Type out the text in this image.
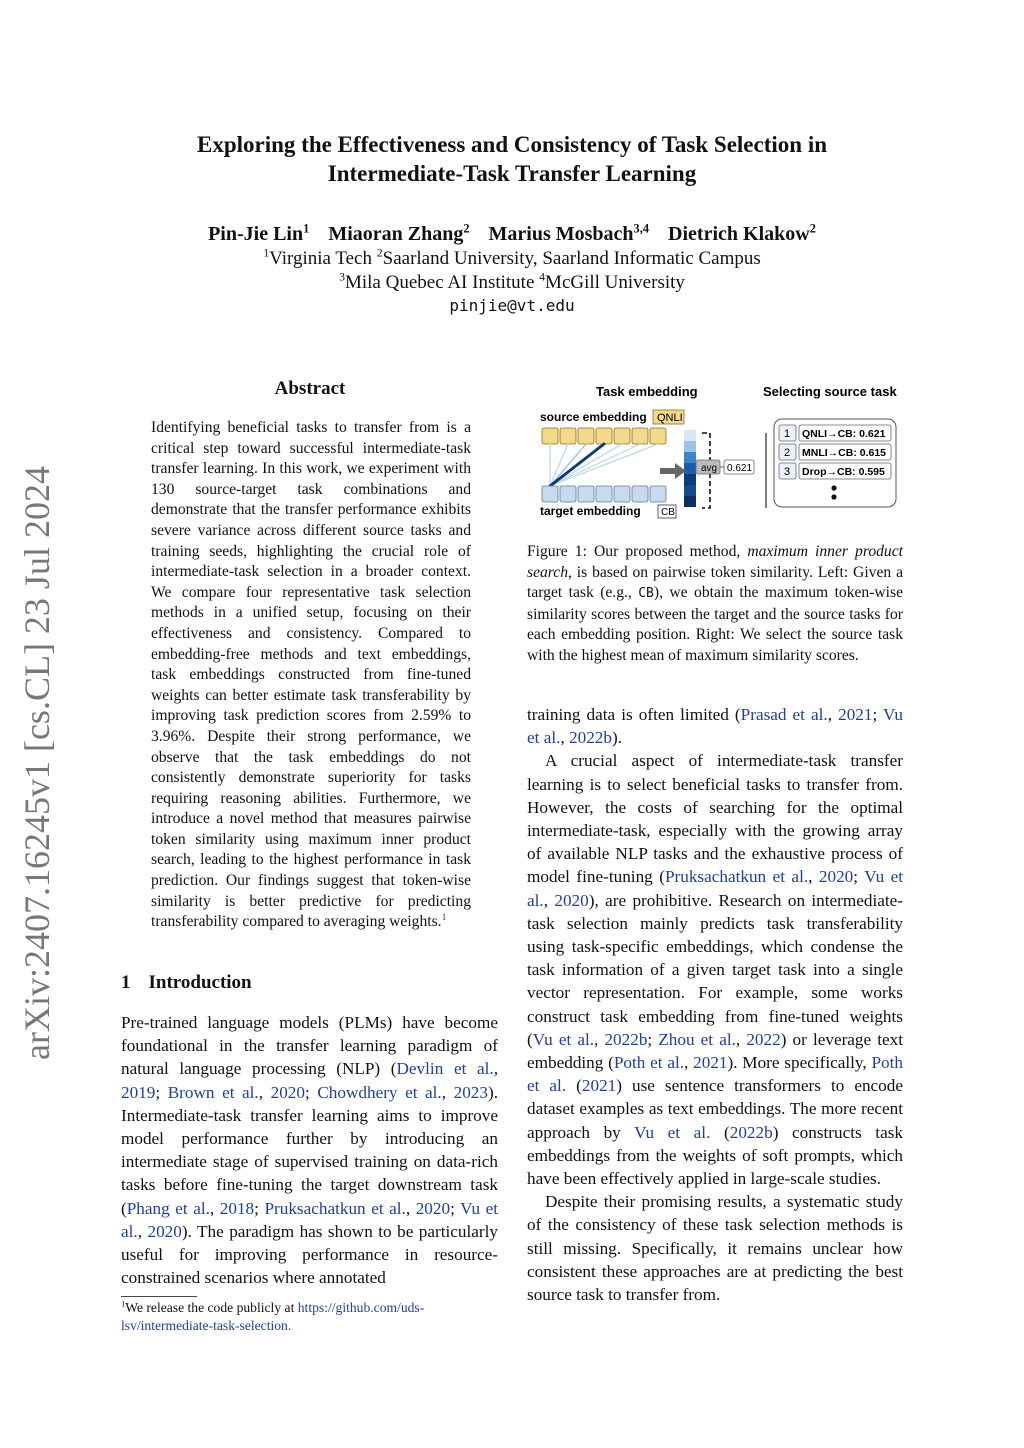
Exploring the Effectiveness and Consistency of Task Selection in
Intermediate-Task Transfer Learning
Pin-Jie Lin$^1$ Miaoran Zhang$^2$ Marius Mosbach$^{3,4}$ Dietrich Klakow$^2$
$^1$Virginia Tech $^2$Saarland University, Saarland Informatic Campus
$^3$Mila Quebec AI Institute $^4$McGill University
pinjie@vt.edu
arXiv:2407.16245v1 [cs.CL] 23 Jul 2024
Abstract
Identifying beneficial tasks to transfer from is a critical step toward successful intermediate-task transfer learning. In this work, we experiment with 130 source-target task combinations and demonstrate that the transfer performance exhibits severe variance across different source tasks and training seeds, highlighting the crucial role of intermediate-task selection in a broader context. We compare four representative task selection methods in a unified setup, focusing on their effectiveness and consistency. Compared to embedding-free methods and text embeddings, task embeddings constructed from fine-tuned weights can better estimate task transferability by improving task prediction scores from 2.59% to 3.96%. Despite their strong performance, we observe that the task embeddings do not consistently demonstrate superiority for tasks requiring reasoning abilities. Furthermore, we introduce a novel method that measures pairwise token similarity using maximum inner product search, leading to the highest performance in task prediction. Our findings suggest that token-wise similarity is better predictive for predicting transferability compared to averaging weights.$^1$
1 Introduction

Pre-trained language models (PLMs) have become foundational in the transfer learning paradigm of natural language processing (NLP) (Devlin et al., 2019; Brown et al., 2020; Chowdhery et al., 2023). Intermediate-task transfer learning aims to improve model performance further by introducing an intermediate stage of supervised training on data-rich tasks before fine-tuning the target downstream task (Phang et al., 2018; Pruksachatkun et al., 2020; Vu et al., 2020). The paradigm has shown to be particularly useful for improving performance in resource-constrained scenarios where annotated

$^1$We release the code publicly at https://github.com/uds-lsv/intermediate-task-selection.
Task embedding	Selecting source task
source embedding QNLI
target embedding CB
avg 0.621
1 QNLI→CB: 0.621
2 MNLI→CB: 0.615
3 Drop→CB: 0.595
Figure 1: Our proposed method, maximum inner product search, is based on pairwise token similarity. Left: Given a target task (e.g., CB), we obtain the maximum token-wise similarity scores between the target and the source tasks for each embedding position. Right: We select the source task with the highest mean of maximum similarity scores.

training data is often limited (Prasad et al., 2021; Vu et al., 2022b).

A crucial aspect of intermediate-task transfer learning is to select beneficial tasks to transfer from. However, the costs of searching for the optimal intermediate-task, especially with the growing array of available NLP tasks and the exhaustive process of model fine-tuning (Pruksachatkun et al., 2020; Vu et al., 2020), are prohibitive. Research on intermediate-task selection mainly predicts task transferability using task-specific embeddings, which condense the task information of a given target task into a single vector representation. For example, some works construct task embedding from fine-tuned weights (Vu et al., 2022b; Zhou et al., 2022) or leverage text embedding (Poth et al., 2021). More specifically, Poth et al. (2021) use sentence transformers to encode dataset examples as text embeddings. The more recent approach by Vu et al. (2022b) constructs task embeddings from the weights of soft prompts, which have been effectively applied in large-scale studies.

Despite their promising results, a systematic study of the consistency of these task selection methods is still missing. Specifically, it remains unclear how consistent these approaches are at predicting the best source task to transfer from.
